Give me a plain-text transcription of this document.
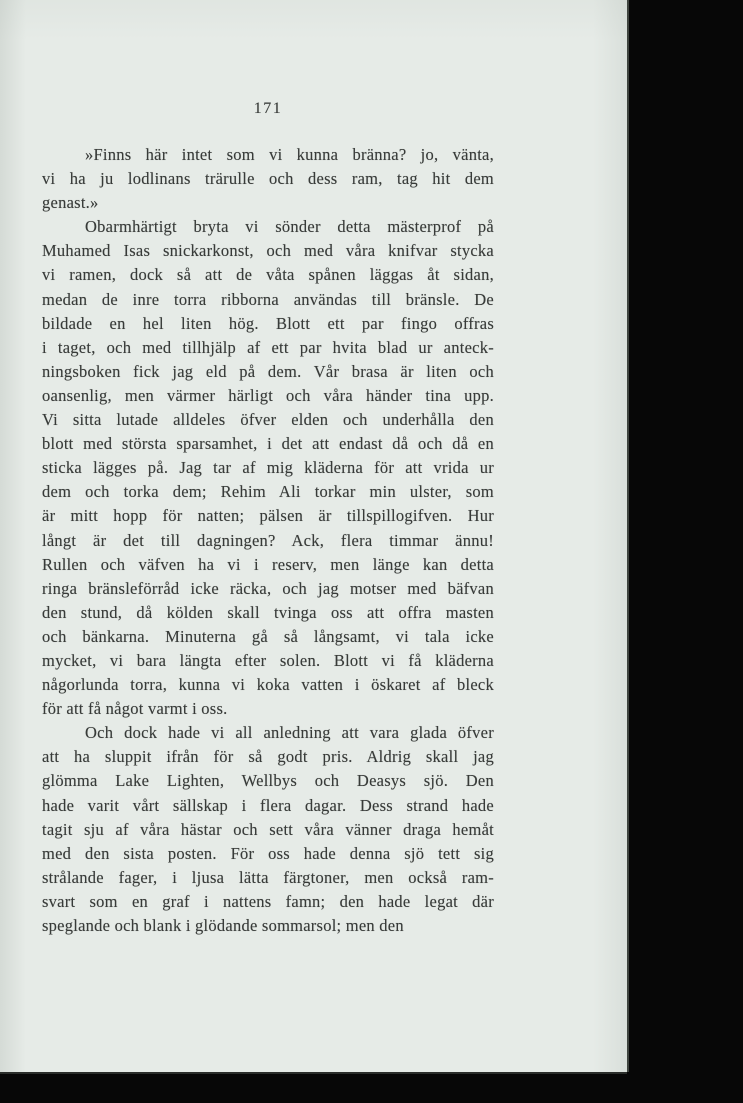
171
»Finns här intet som vi kunna bränna? jo, vänta,
vi ha ju lodlinans trärulle och dess ram, tag hit dem
genast.»
Obarmhärtigt bryta vi sönder detta mästerprof på
Muhamed Isas snickarkonst, och med våra knifvar stycka
vi ramen, dock så att de våta spånen läggas åt sidan,
medan de inre torra ribborna användas till bränsle. De
bildade en hel liten hög. Blott ett par fingo offras
i taget, och med tillhjälp af ett par hvita blad ur anteck-
ningsboken fick jag eld på dem. Vår brasa är liten och
oansenlig, men värmer härligt och våra händer tina upp.
Vi sitta lutade alldeles öfver elden och underhålla den
blott med största sparsamhet, i det att endast då och då en
sticka lägges på. Jag tar af mig kläderna för att vrida ur
dem och torka dem; Rehim Ali torkar min ulster, som
är mitt hopp för natten; pälsen är tillspillogifven. Hur
långt är det till dagningen? Ack, flera timmar ännu!
Rullen och väfven ha vi i reserv, men länge kan detta
ringa bränsleförråd icke räcka, och jag motser med bäfvan
den stund, då kölden skall tvinga oss att offra masten
och bänkarna. Minuterna gå så långsamt, vi tala icke
mycket, vi bara längta efter solen. Blott vi få kläderna
någorlunda torra, kunna vi koka vatten i öskaret af bleck
för att få något varmt i oss.
Och dock hade vi all anledning att vara glada öfver
att ha sluppit ifrån för så godt pris. Aldrig skall jag
glömma Lake Lighten, Wellbys och Deasys sjö. Den
hade varit vårt sällskap i flera dagar. Dess strand hade
tagit sju af våra hästar och sett våra vänner draga hemåt
med den sista posten. För oss hade denna sjö tett sig
strålande fager, i ljusa lätta färgtoner, men också ram-
svart som en graf i nattens famn; den hade legat där
speglande och blank i glödande sommarsol; men den
